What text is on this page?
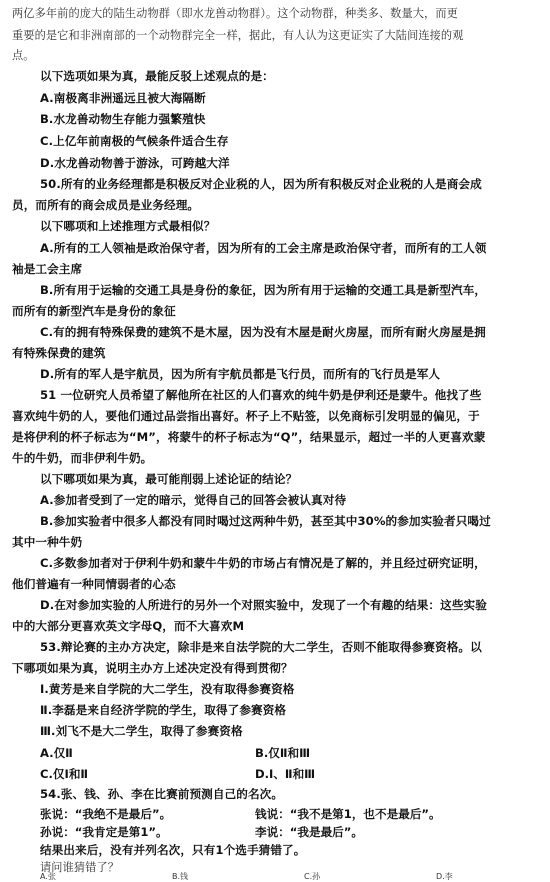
两亿多年前的庞大的陆生动物群（即水龙兽动物群）。这个动物群，种类多、数量大，而更
重要的是它和非洲南部的一个动物群完全一样，据此，有人认为这更证实了大陆间连接的观
点。
以下选项如果为真，最能反驳上述观点的是：
A.南极离非洲遥远且被大海隔断
B.水龙兽动物生存能力强繁殖快
C.上亿年前南极的气候条件适合生存
D.水龙兽动物善于游泳，可跨越大洋
50.所有的业务经理都是积极反对企业税的人，因为所有积极反对企业税的人是商会成
员，而所有的商会成员是业务经理。
以下哪项和上述推理方式最相似？
A.所有的工人领袖是政治保守者，因为所有的工会主席是政治保守者，而所有的工人领
袖是工会主席
B.所有用于运输的交通工具是身份的象征，因为所有用于运输的交通工具是新型汽车，
而所有的新型汽车是身份的象征
C.有的拥有特殊保费的建筑不是木屋，因为没有木屋是耐火房屋，而所有耐火房屋是拥
有特殊保费的建筑
D.所有的军人是宇航员，因为所有宇航员都是飞行员，而所有的飞行员是军人
51 一位研究人员希望了解他所在社区的人们喜欢的纯牛奶是伊利还是蒙牛。他找了些
喜欢纯牛奶的人，要他们通过品尝指出喜好。杯子上不贴签，以免商标引发明显的偏见，于
是将伊利的杯子标志为“M”，将蒙牛的杯子标志为“Q”，结果显示，超过一半的人更喜欢蒙
牛的牛奶，而非伊利牛奶。
以下哪项如果为真，最可能削弱上述论证的结论？
A.参加者受到了一定的暗示，觉得自己的回答会被认真对待
B.参加实验者中很多人都没有同时喝过这两种牛奶，甚至其中30%的参加实验者只喝过
其中一种牛奶
C.多数参加者对于伊利牛奶和蒙牛牛奶的市场占有情况是了解的，并且经过研究证明，
他们普遍有一种同情弱者的心态
D.在对参加实验的人所进行的另外一个对照实验中，发现了一个有趣的结果：这些实验
中的大部分更喜欢英文字母Q，而不大喜欢M
53.辩论赛的主办方决定，除非是来自法学院的大二学生，否则不能取得参赛资格。以
下哪项如果为真，说明主办方上述决定没有得到贯彻？
Ⅰ.黄芳是来自学院的大二学生，没有取得参赛资格
Ⅱ.李磊是来自经济学院的学生，取得了参赛资格
Ⅲ.刘飞不是大二学生，取得了参赛资格
A.仅Ⅱ	B.仅Ⅱ和Ⅲ
C.仅Ⅰ和Ⅱ	D.Ⅰ、Ⅱ和Ⅲ
54.张、钱、孙、李在比赛前预测自己的名次。
张说：“我绝不是最后”。	钱说：“我不是第1，也不是最后”。
孙说：“我肯定是第1”。	李说：“我是最后”。
结果出来后，没有并列名次，只有1个选手猜错了。
请问谁猜错了？
A.张	B.钱	C.孙	D.李
